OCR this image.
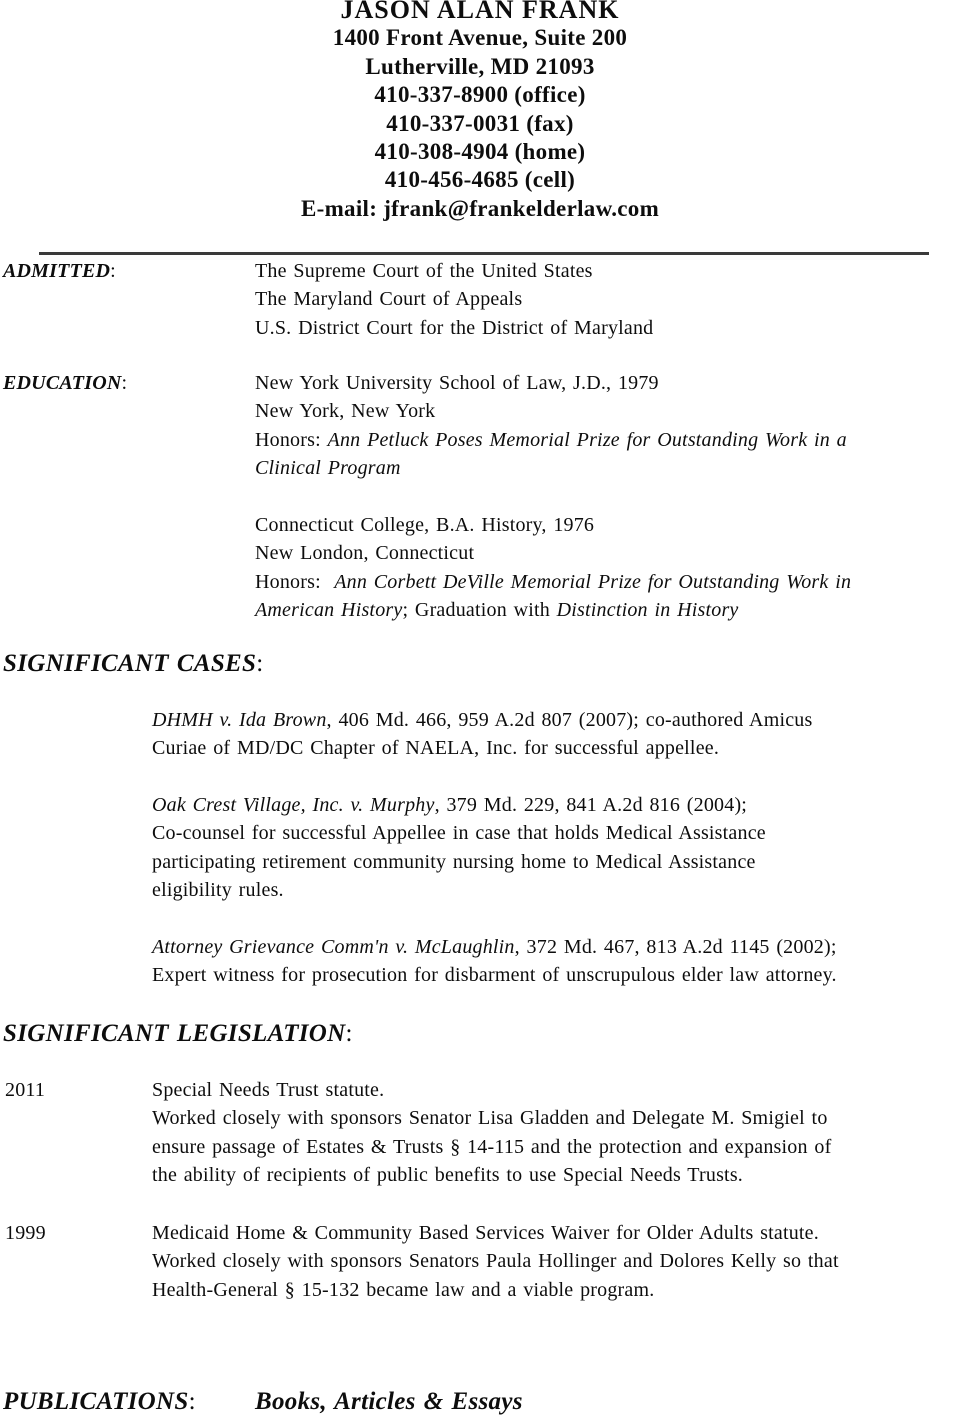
JASON ALAN FRANK
1400 Front Avenue, Suite 200
Lutherville, MD 21093
410-337-8900 (office)
410-337-0031 (fax)
410-308-4904 (home)
410-456-4685 (cell)
E-mail: jfrank@frankelderlaw.com
ADMITTED:	The Supreme Court of the United States
The Maryland Court of Appeals
U.S. District Court for the District of Maryland
EDUCATION:	New York University School of Law, J.D., 1979
New York, New York
Honors: Ann Petluck Poses Memorial Prize for Outstanding Work in a
Clinical Program
Connecticut College, B.A. History, 1976
New London, Connecticut
Honors:  Ann Corbett DeVille Memorial Prize for Outstanding Work in
American History; Graduation with Distinction in History
SIGNIFICANT CASES:
DHMH v. Ida Brown, 406 Md. 466, 959 A.2d 807 (2007); co-authored Amicus
Curiae of MD/DC Chapter of NAELA, Inc. for successful appellee.
Oak Crest Village, Inc. v. Murphy, 379 Md. 229, 841 A.2d 816 (2004);
Co-counsel for successful Appellee in case that holds Medical Assistance
participating retirement community nursing home to Medical Assistance
eligibility rules.
Attorney Grievance Comm'n v. McLaughlin, 372 Md. 467, 813 A.2d 1145 (2002);
Expert witness for prosecution for disbarment of unscrupulous elder law attorney.
SIGNIFICANT LEGISLATION:
2011	Special Needs Trust statute.
Worked closely with sponsors Senator Lisa Gladden and Delegate M. Smigiel to
ensure passage of Estates & Trusts § 14-115 and the protection and expansion of
the ability of recipients of public benefits to use Special Needs Trusts.
1999	Medicaid Home & Community Based Services Waiver for Older Adults statute.
Worked closely with sponsors Senators Paula Hollinger and Dolores Kelly so that
Health-General § 15-132 became law and a viable program.
PUBLICATIONS: Books, Articles & Essays
